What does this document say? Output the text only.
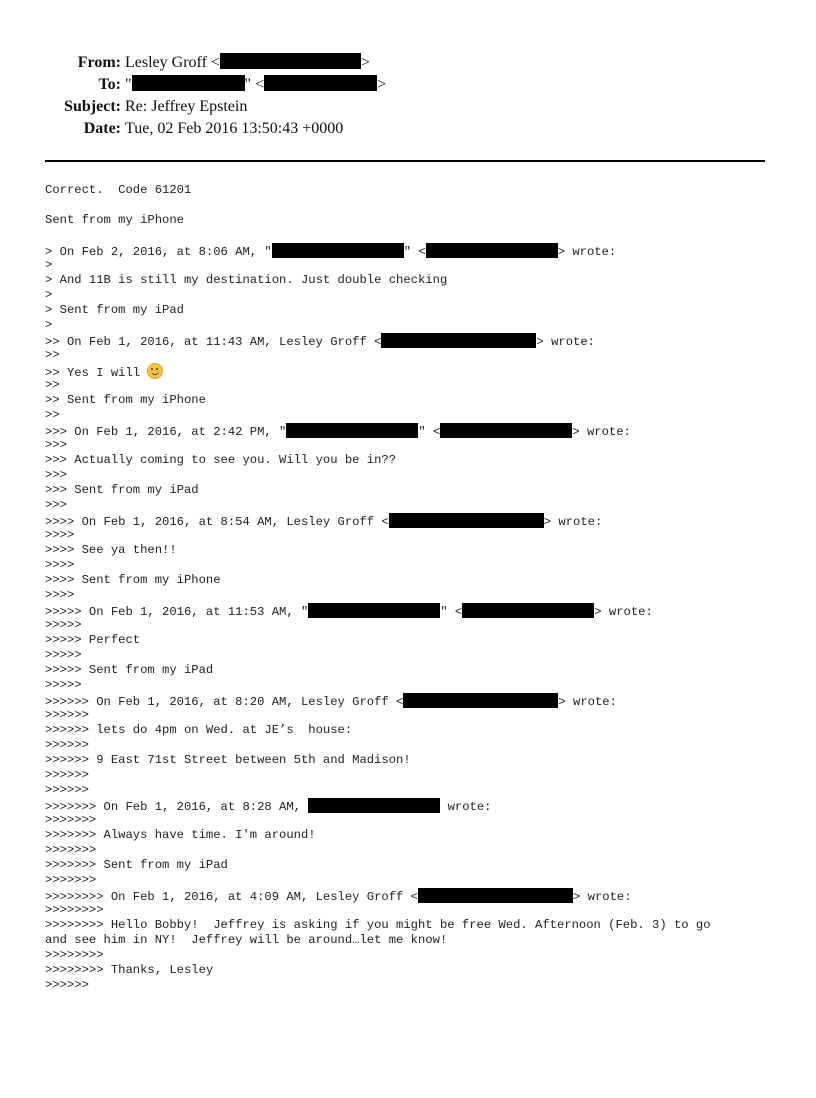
From: Lesley Groff <	>
To: "	" <	>
Subject: Re: Jeffrey Epstein
Date: Tue, 02 Feb 2016 13:50:43 +0000

Correct.  Code 61201

Sent from my iPhone

> On Feb 2, 2016, at 8:06 AM, "	" <	> wrote:

>

> And 11B is still my destination. Just double checking

>

> Sent from my iPad

>

>> On Feb 1, 2016, at 11:43 AM, Lesley Groff <	> wrote:

>>

>> Yes I will

>>

>> Sent from my iPhone

>>

>>> On Feb 1, 2016, at 2:42 PM, "	" <	> wrote:

>>>

>>> Actually coming to see you. Will you be in??

>>>

>>> Sent from my iPad

>>>

>>>> On Feb 1, 2016, at 8:54 AM, Lesley Groff <	> wrote:

>>>>

>>>> See ya then!!

>>>>

>>>> Sent from my iPhone

>>>>

>>>>> On Feb 1, 2016, at 11:53 AM, "	" <	> wrote:

>>>>>

>>>>> Perfect

>>>>>

>>>>> Sent from my iPad

>>>>>

>>>>>> On Feb 1, 2016, at 8:20 AM, Lesley Groff <	> wrote:

>>>>>>

>>>>>> lets do 4pm on Wed. at JE’s  house:

>>>>>>

>>>>>> 9 East 71st Street between 5th and Madison!

>>>>>>

>>>>>>

>>>>>>> On Feb 1, 2016, at 8:28 AM,	wrote:

>>>>>>>

>>>>>>> Always have time. I'm around!

>>>>>>>

>>>>>>> Sent from my iPad

>>>>>>>

>>>>>>>> On Feb 1, 2016, at 4:09 AM, Lesley Groff <	> wrote:

>>>>>>>>

>>>>>>>> Hello Bobby!  Jeffrey is asking if you might be free Wed. Afternoon (Feb. 3) to go

and see him in NY!  Jeffrey will be around…let me know!

>>>>>>>>

>>>>>>>> Thanks, Lesley

>>>>>>
